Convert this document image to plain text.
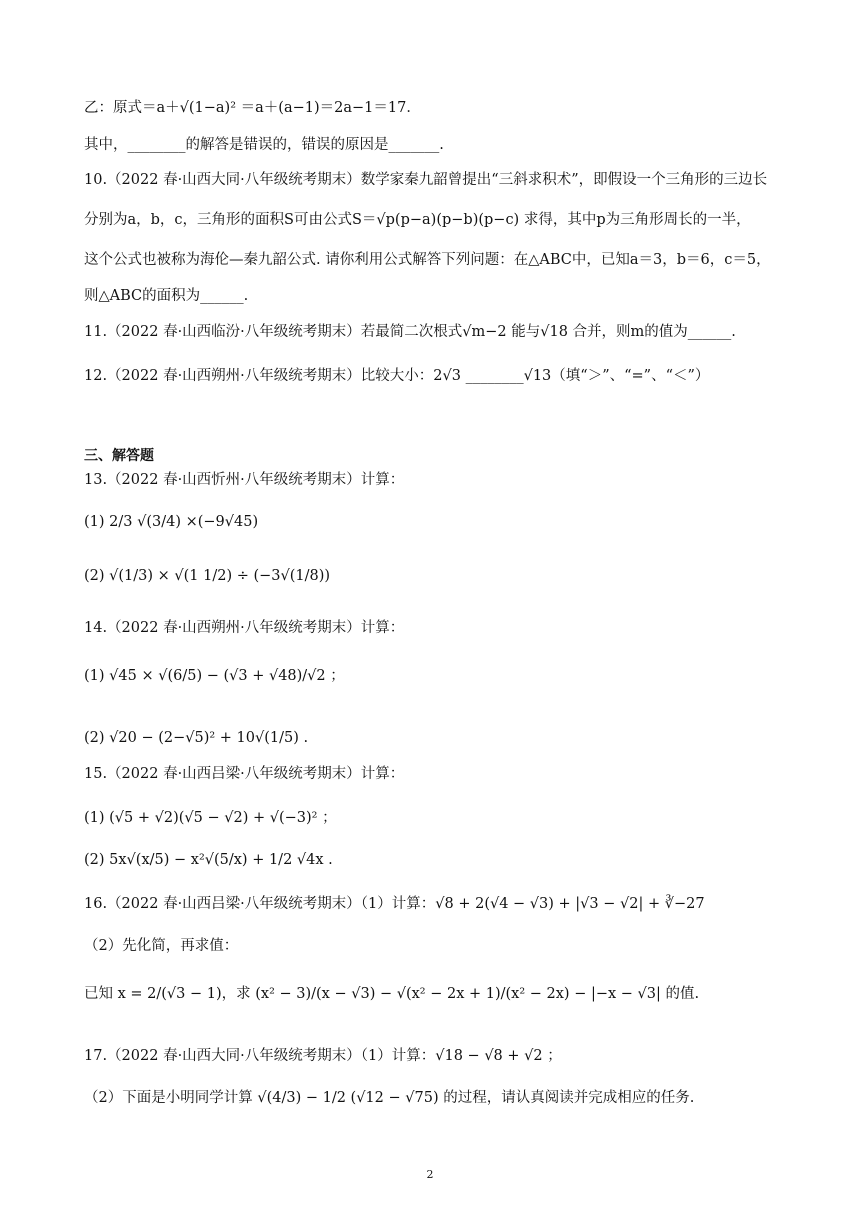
乙：原式＝a＋√(1−a)² ＝a＋(a−1)＝2a−1＝17．
其中，________的解答是错误的，错误的原因是_______.
10.（2022 春·山西大同·八年级统考期末）数学家秦九韶曾提出“三斜求积术”，即假设一个三角形的三边长
分别为a，b，c，三角形的面积S可由公式S＝√p(p−a)(p−b)(p−c) 求得，其中p为三角形周长的一半，
这个公式也被称为海伦—秦九韶公式. 请你利用公式解答下列问题：在△ABC中，已知a＝3，b＝6，c＝5，
则△ABC的面积为______.
11.（2022 春·山西临汾·八年级统考期末）若最简二次根式√m−2 能与√18 合并，则m的值为______.
12.（2022 春·山西朔州·八年级统考期末）比较大小：2√3 ________√13（填“＞”、“=”、“＜”）
三、解答题
13.（2022 春·山西忻州·八年级统考期末）计算：
(1) 2/3 √(3/4) ×(−9√45)
(2) √(1/3) × √(1 1/2) ÷ (−3√(1/8))
14.（2022 春·山西朔州·八年级统考期末）计算：
(1) √45 × √(6/5) − (√3 + √48)/√2 ；
(2) √20 − (2−√5)² + 10√(1/5) .
15.（2022 春·山西吕梁·八年级统考期末）计算：
(1) (√5 + √2)(√5 − √2) + √(−3)² ；
(2) 5x√(x/5) − x²√(5/x) + 1/2 √4x .
16.（2022 春·山西吕梁·八年级统考期末）（1）计算：√8 + 2(√4 − √3) + |√3 − √2| + ∛−27
（2）先化简，再求值：
已知 x = 2/(√3 − 1)，求 (x² − 3)/(x − √3) − √(x² − 2x + 1)/(x² − 2x) − |−x − √3| 的值.
17.（2022 春·山西大同·八年级统考期末）（1）计算：√18 − √8 + √2 ；
（2）下面是小明同学计算 √(4/3) − 1/2 (√12 − √75) 的过程，请认真阅读并完成相应的任务.
2
